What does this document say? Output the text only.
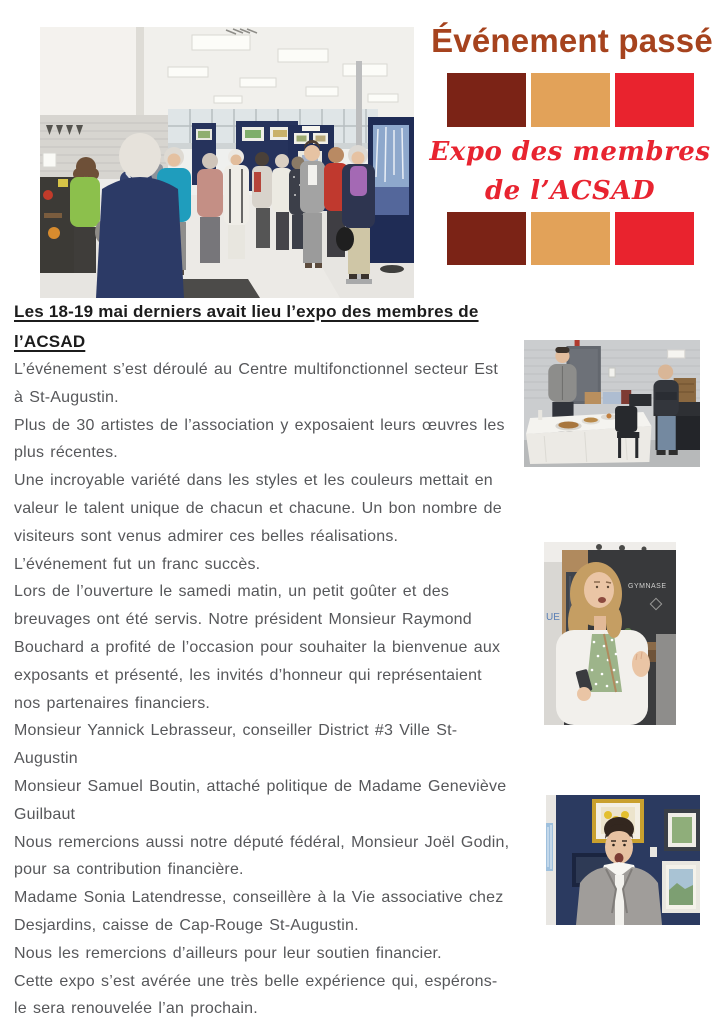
Événement passé
Expo des membres
de l’ACSAD
Les 18-19 mai derniers avait lieu l’expo des membres de
l’ACSAD
L’événement s’est déroulé au Centre multifonctionnel secteur Est
à St-Augustin.
Plus de 30 artistes de l’association y exposaient leurs œuvres les
plus récentes.
Une incroyable variété dans les styles et les couleurs mettait en
valeur le talent unique de chacun et chacune. Un bon nombre de
visiteurs sont venus admirer ces belles réalisations.
L’événement fut un franc succès.
Lors de l’ouverture le samedi matin, un petit goûter et des
breuvages ont été servis. Notre président Monsieur Raymond
Bouchard a profité de l’occasion pour souhaiter la bienvenue aux
exposants et présenté, les invités d’honneur qui représentaient
nos partenaires financiers.
Monsieur Yannick Lebrasseur, conseiller District #3 Ville St-
Augustin
Monsieur Samuel Boutin, attaché politique de Madame Geneviève
Guilbaut
Nous remercions aussi notre député fédéral, Monsieur Joël Godin,
pour sa contribution financière.
Madame Sonia Latendresse, conseillère à la Vie associative chez
Desjardins, caisse de Cap-Rouge St-Augustin.
Nous les remercions d’ailleurs pour leur soutien financier.
Cette expo s’est avérée une très belle expérience qui, espérons-
le sera renouvelée l’an prochain.
UE
GYMNASE
